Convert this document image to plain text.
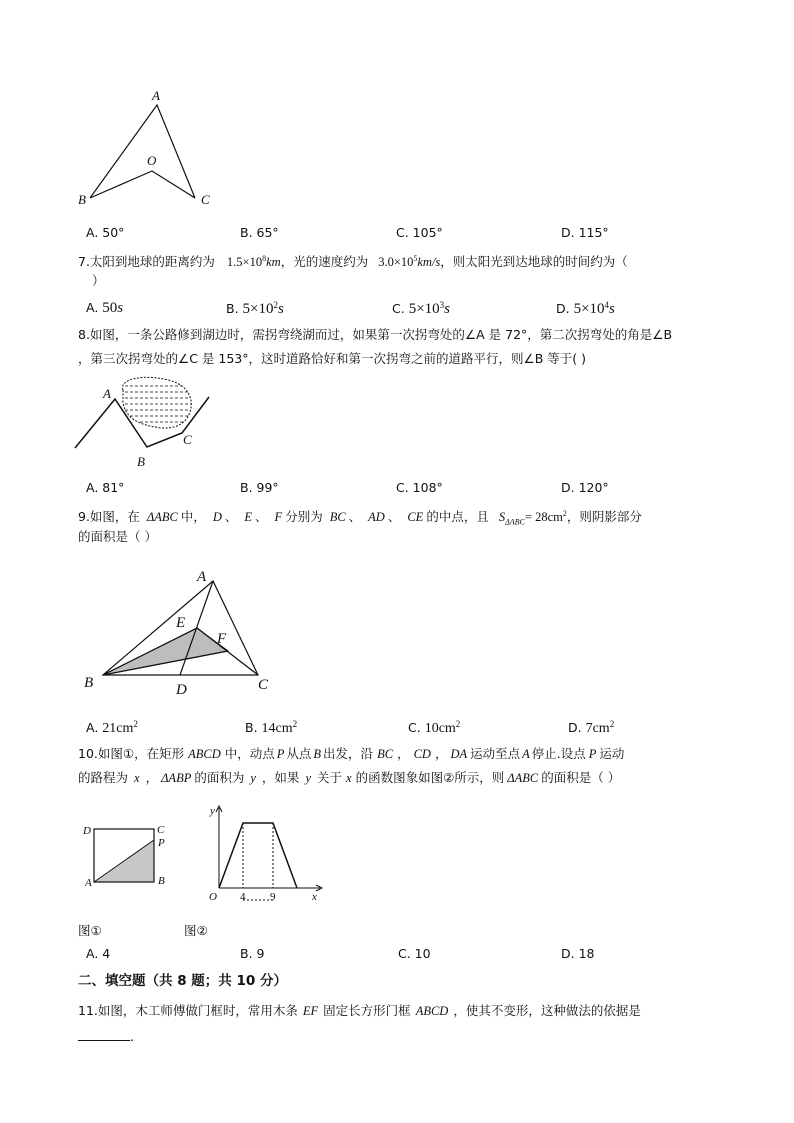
A
O
B	C
A. 50°	B. 65°	C. 105°	D. 115°
7.太阳到地球的距离约为 $1.5\times 10^8km$，光的速度约为 $3.0\times 10^5km/s$，则太阳光到达地球的时间约为（
）
A. 50s	B. $5\times 10^2s$	C. $5\times 10^3s$	D. $5\times 10^4s$
8.如图，一条公路修到湖边时，需拐弯绕湖而过，如果第一次拐弯处的∠A 是 72°，第二次拐弯处的角是∠B
，第三次拐弯处的∠C 是 153°，这时道路恰好和第一次拐弯之前的道路平行，则∠B 等于( )
A
B
C
A. 81°	B. 99°	C. 108°	D. 120°
9.如图，在 ΔABC 中， D 、 E 、 F 分别为 BC 、 AD 、 CE 的中点，且 $S_{\Delta ABC}= 28cm^2$，则阴影部分
的面积是（ ）
A
E
F
B	D	C
A. $21cm^2$	B. $14cm^2$	C. $10cm^2$	D. $7cm^2$
10.如图①，在矩形 ABCD 中，动点 P 从点 B 出发，沿 BC ， CD ， DA 运动至点 A 停止.设点 P 运动
的路程为 x ， ΔABP 的面积为 y ，如果 y 关于 x 的函数图象如图②所示，则 ΔABC 的面积是（ ）
D	C
P
A	B
y
O 4 9	x
图①	图②
A. 4	B. 9	C. 10	D. 18
二、填空题（共 8 题；共 10 分）
11.如图，木工师傅做门框时，常用木条 EF 固定长方形门框 ABCD ，使其不变形，这种做法的依据是
.
